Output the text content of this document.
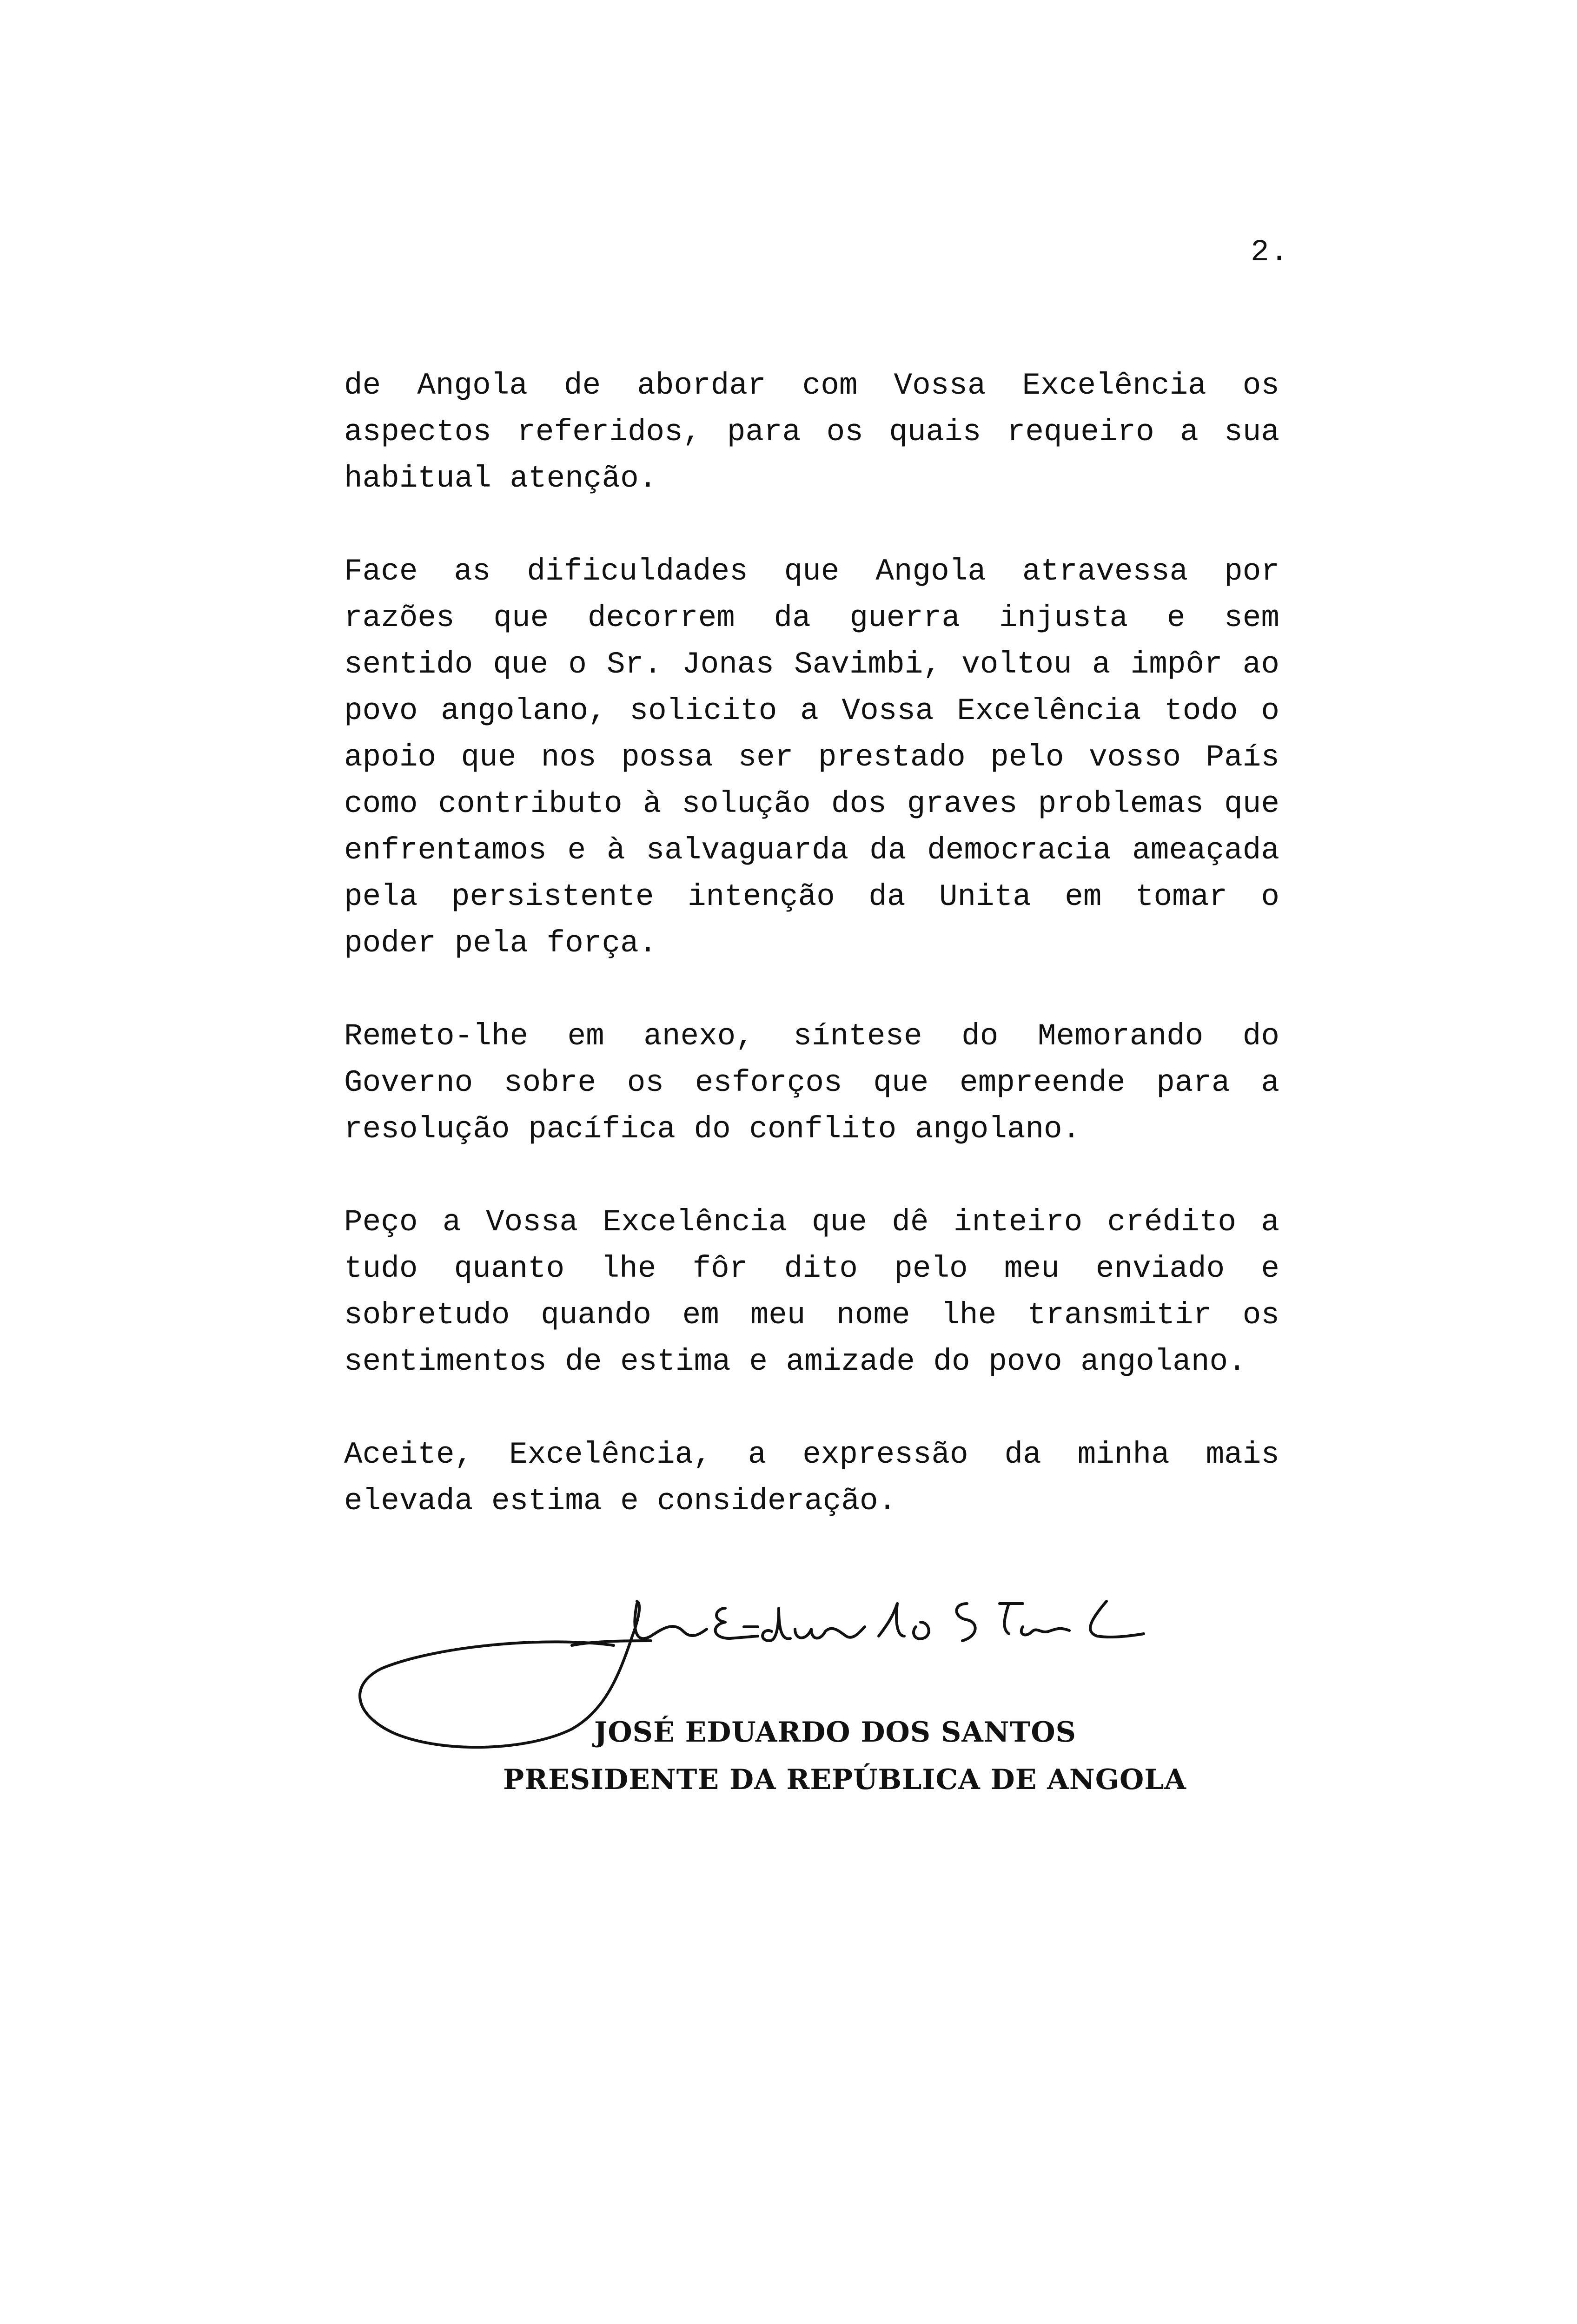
2.

de Angola de abordar com Vossa Excelência os aspectos referidos, para os quais requeiro a sua habitual atenção.

Face as dificuldades que Angola atravessa por razões que decorrem da guerra injusta e sem sentido que o Sr. Jonas Savimbi, voltou a impôr ao povo angolano, solicito a Vossa Excelência todo o apoio que nos possa ser prestado pelo vosso País como contributo à solução dos graves problemas que enfrentamos e à salvaguarda da democracia ameaçada pela persistente intenção da Unita em tomar o poder pela força.

Remeto-lhe em anexo, síntese do Memorando do Governo sobre os esforços que empreende para a resolução pacífica do conflito angolano.

Peço a Vossa Excelência que dê inteiro crédito a tudo quanto lhe fôr dito pelo meu enviado e sobretudo quando em meu nome lhe transmitir os sentimentos de estima e amizade do povo angolano.

Aceite, Excelência, a expressão da minha mais elevada estima e consideração.

JOSÉ EDUARDO DOS SANTOS
PRESIDENTE DA REPÚBLICA DE ANGOLA
